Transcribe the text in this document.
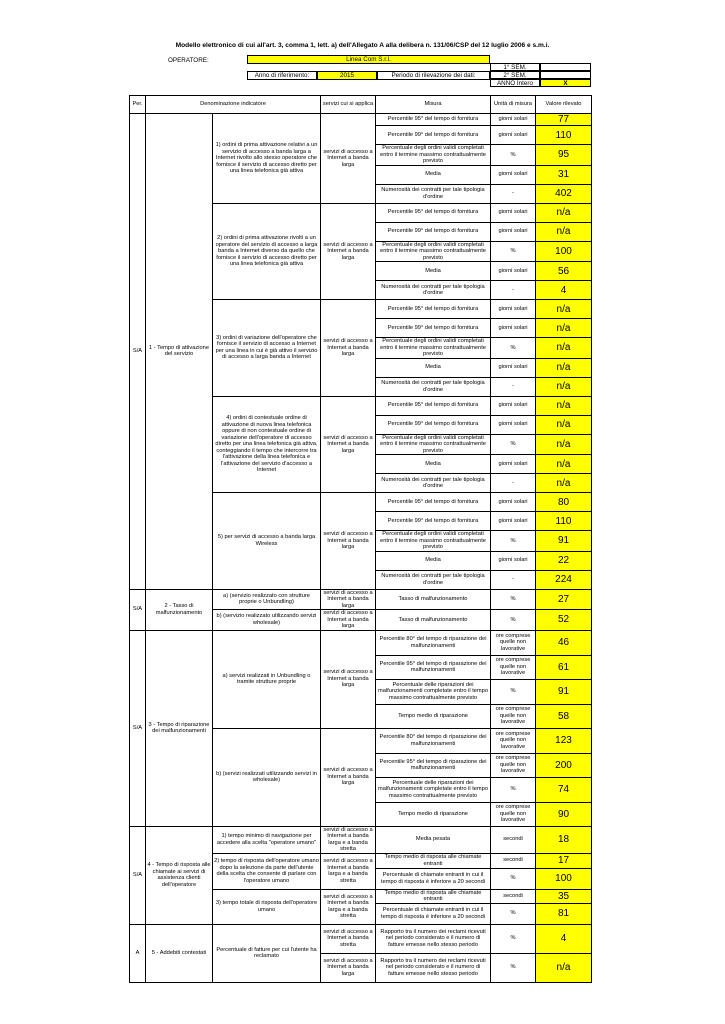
Modello elettronico di cui all'art. 3, comma 1, lett. a) dell'Allegato A alla delibera n. 131/06/CSP del 12 luglio 2006 e s.m.i.
OPERATORE:	Linea Com S.r.l.
Anno di riferimento:	2015	Periodo di rilevazione dei dati:
1° SEM.
2° SEM.
ANNO Intero	X
Per.	Denominazione indicatore		servizi cui si applica	Misura	Unità di misura	Valore rilevato
S/A	1 - Tempo di attivazione del servizio	1) ordini di prima attivazione relativi a un servizio di accesso a banda larga a Internet rivolto allo stesso operatore che fornisce il servizio di accesso diretto per una linea telefonica già attiva	servizi di accesso a Internet a banda larga	Percentile 95° del tempo di fornitura	giorni solari	77
				Percentile 99° del tempo di fornitura	giorni solari	110
				Percentuale degli ordini validi completati entro il termine massimo contrattualmente previsto	%	95
				Media	giorni solari	31
				Numerosità dei contratti per tale tipologia d'ordine	-	402
		2) ordini di prima attivazione rivolti a un operatore del servizio di accesso a larga banda a Internet diverso da quello che fornisce il servizio di accesso diretto per una linea telefonica già attiva	servizi di accesso a Internet a banda larga	Percentile 95° del tempo di fornitura	giorni solari	n/a
				Percentile 99° del tempo di fornitura	giorni solari	n/a
				Percentuale degli ordini validi completati entro il termine massimo contrattualmente previsto	%	100
				Media	giorni solari	56
				Numerosità dei contratti per tale tipologia d'ordine	-	4
		3) ordini di variazione dell'operatore che fornisce il servizio di accesso a Internet per una linea in cui è già attivo il servizio di accesso a larga banda a Internet	servizi di accesso a Internet a banda larga	Percentile 95° del tempo di fornitura	giorni solari	n/a
				Percentile 99° del tempo di fornitura	giorni solari	n/a
				Percentuale degli ordini validi completati entro il termine massimo contrattualmente previsto	%	n/a
				Media	giorni solari	n/a
				Numerosità dei contratti per tale tipologia d'ordine	-	n/a
		4) ordini di contestuale ordine di attivazione di nuova linea telefonica oppure di non contestuale ordine di variazione dell'operatore di accesso diretto per una linea telefonica già attiva, conteggiando il tempo che intercorre tra l'attivazione della linea telefonica e l'attivazione del servizio d'accesso a Internet	servizi di accesso a Internet a banda larga	Percentile 95° del tempo di fornitura	giorni solari	n/a
				Percentile 99° del tempo di fornitura	giorni solari	n/a
				Percentuale degli ordini validi completati entro il termine massimo contrattualmente previsto	%	n/a
				Media	giorni solari	n/a
				Numerosità dei contratti per tale tipologia d'ordine	-	n/a
		5) per servizi di accesso a banda larga Wireless	servizi di accesso a Internet a banda larga	Percentile 95° del tempo di fornitura	giorni solari	80
				Percentile 99° del tempo di fornitura	giorni solari	110
				Percentuale degli ordini validi completati entro il termine massimo contrattualmente previsto	%	91
				Media	giorni solari	22
				Numerosità dei contratti per tale tipologia d'ordine	-	224
S/A	2 - Tasso di malfunzionamento	a) (servizio realizzato con strutture proprie o Unbundling)	servizi di accesso a Internet a banda larga	Tasso di malfunzionamento	%	27
		b) (servizio realizzato utilizzando servizi wholesale)	servizi di accesso a Internet a banda larga	Tasso di malfunzionamento	%	52
S/A	3 - Tempo di riparazione dei malfunzionamenti	a) servizi realizzati in Unbundling o tramite strutture proprie	servizi di accesso a Internet a banda larga	Percentile 80° del tempo di riparazione dei malfunzionamenti	ore comprese quelle non lavorative	46
				Percentile 95° del tempo di riparazione dei malfunzionamenti	ore comprese quelle non lavorative	61
				Percentuale delle riparazioni dei malfunzionamenti completate entro il tempo massimo contrattualmente previsto	%	91
				Tempo medio di riparazione	ore comprese quelle non lavorative	58
		b) (servizi realizzati utilizzando servizi in wholesale)	servizi di accesso a Internet a banda larga	Percentile 80° del tempo di riparazione dei malfunzionamenti	ore comprese quelle non lavorative	123
				Percentile 95° del tempo di riparazione dei malfunzionamenti	ore comprese quelle non lavorative	200
				Percentuale delle riparazioni dei malfunzionamenti completate entro il tempo massimo contrattualmente previsto	%	74
				Tempo medio di riparazione	ore comprese quelle non lavorative	90
S/A	4 - Tempo di risposta alle chiamate ai servizi di assistenza clienti dell'operatore	1) tempo minimo di navigazione per accedere alla scelta "operatore umano"	servizi di accesso a Internet a banda larga e a banda stretta	Media pesata	secondi	18
		2) tempo di risposta dell'operatore umano dopo la selezione da parte dell'utente della scelta che consente di parlare con l'operatore umano	servizi di accesso a Internet a banda larga e a banda stretta	Tempo medio di risposta alle chiamate entranti	secondi	17
				Percentuale di chiamate entranti in cui il tempo di risposta è inferiore a 20 secondi	%	100
		3) tempo totale di risposta dell'operatore umano	servizi di accesso a Internet a banda larga e a banda stretta	Tempo medio di risposta alle chiamate entranti	secondi	35
				Percentuale di chiamate entranti in cui il tempo di risposta è inferiore a 20 secondi	%	81
A	5 - Addebiti contestati	Percentuale di fatture per cui l'utente ha reclamato	servizi di accesso a Internet a banda stretta	Rapporto tra il numero dei reclami ricevuti nel periodo considerato e il numero di fatture emesse nello stesso periodo	%	4
			servizi di accesso a Internet a banda larga	Rapporto tra il numero dei reclami ricevuti nel periodo considerato e il numero di fatture emesse nello stesso periodo	%	n/a
